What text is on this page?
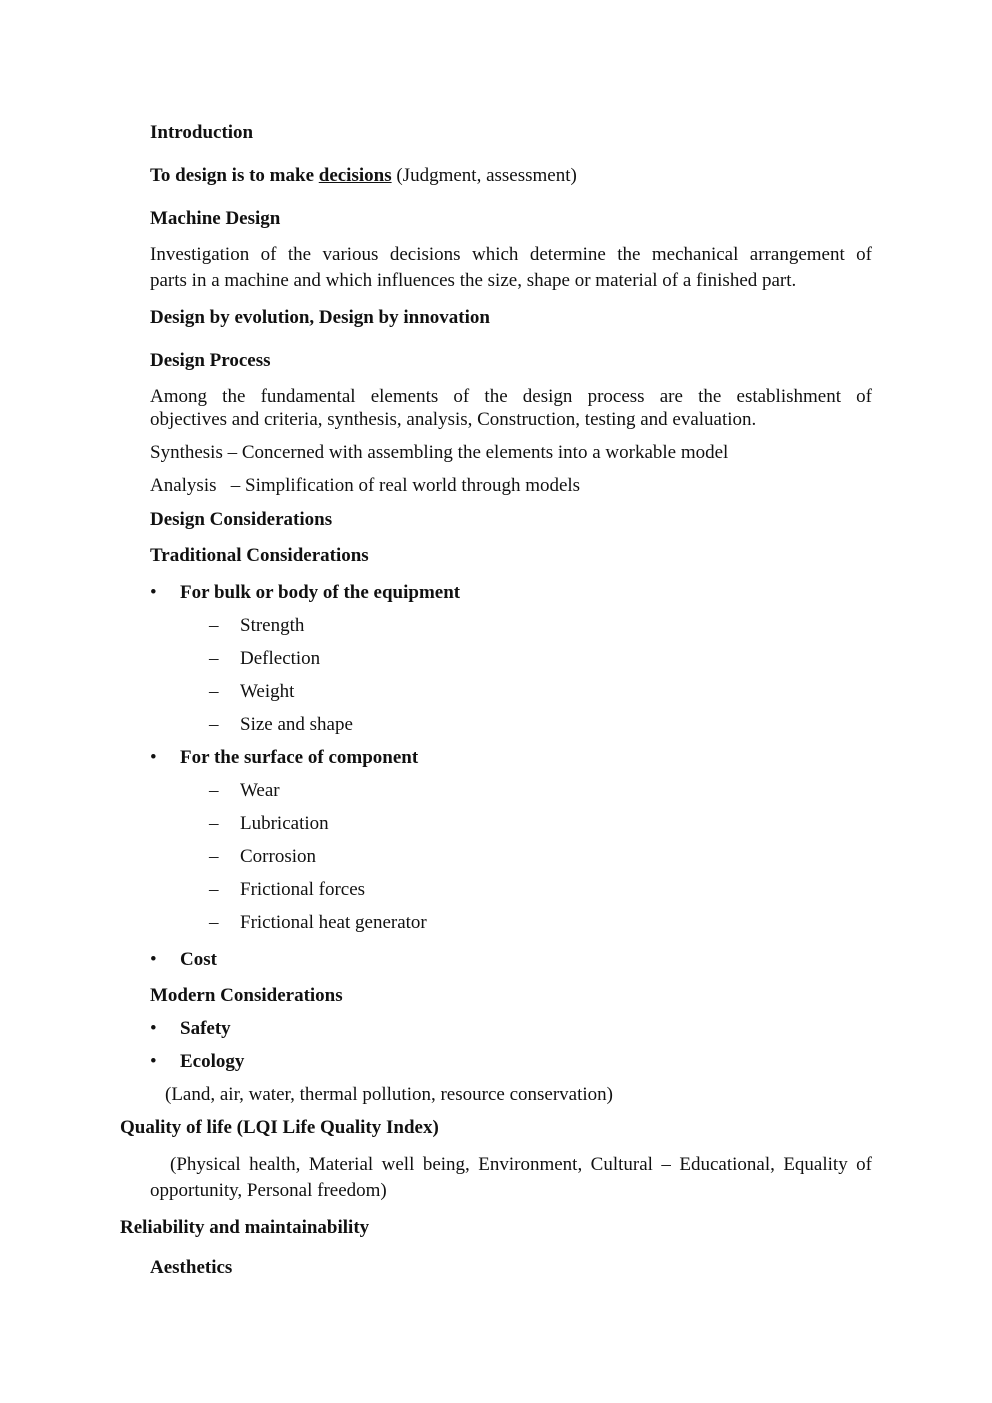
Introduction
To design is to make decisions (Judgment, assessment)
Machine Design
Investigation of the various decisions which determine the mechanical arrangement of
parts in a machine and which influences the size, shape or material of a finished part.
Design by evolution, Design by innovation
Design Process
Among the fundamental elements of the design process are the establishment of
objectives and criteria, synthesis, analysis, Construction, testing and evaluation.
Synthesis – Concerned with assembling the elements into a workable model
Analysis   – Simplification of real world through models
Design Considerations
Traditional Considerations
• For bulk or body of the equipment
– Strength
– Deflection
– Weight
– Size and shape
• For the surface of component
– Wear
– Lubrication
– Corrosion
– Frictional forces
– Frictional heat generator
• Cost
Modern Considerations
• Safety
• Ecology
(Land, air, water, thermal pollution, resource conservation)
Quality of life (LQI Life Quality Index)
(Physical health, Material well being, Environment, Cultural – Educational, Equality of
opportunity, Personal freedom)
Reliability and maintainability
Aesthetics
